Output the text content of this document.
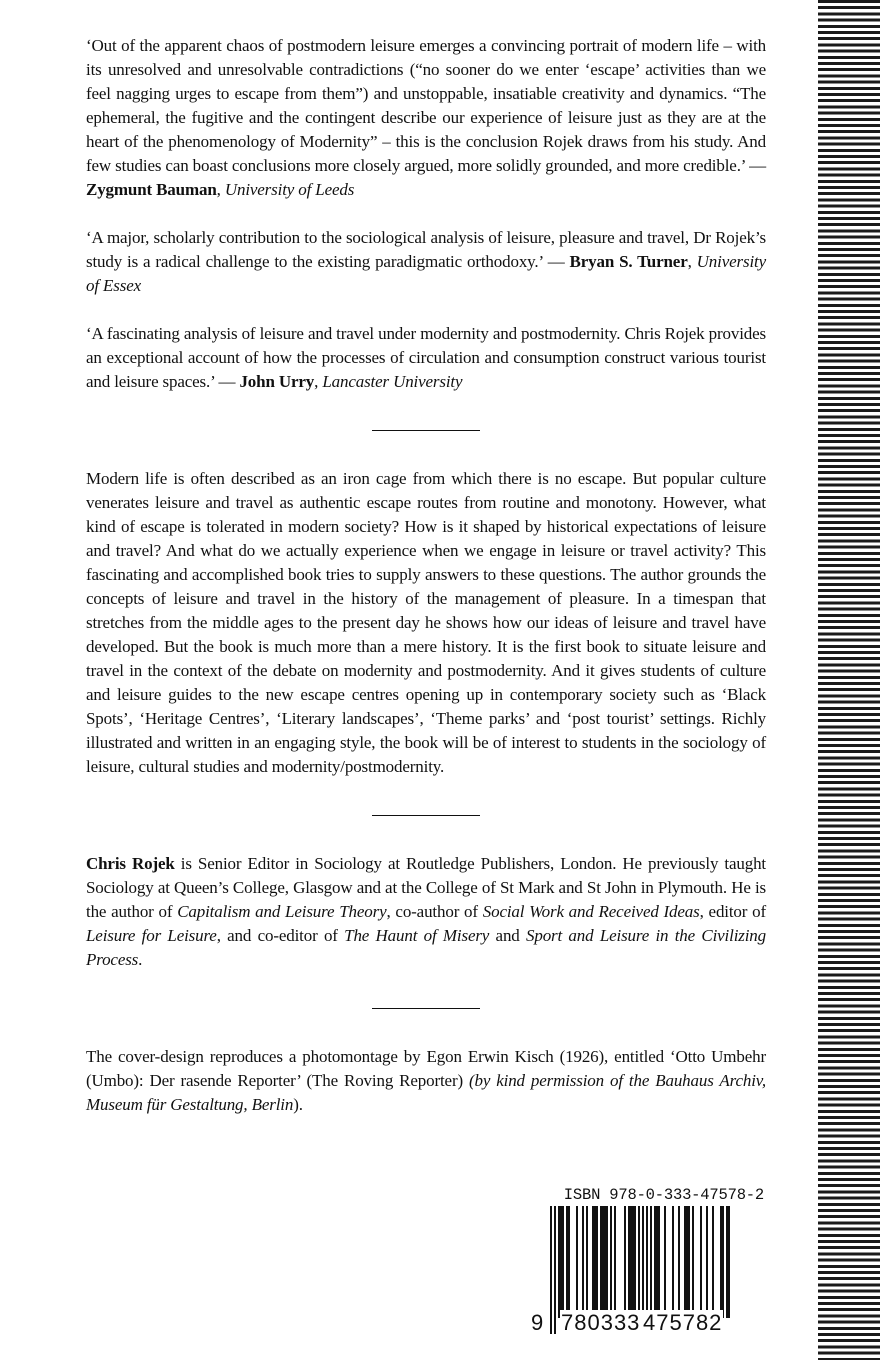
‘Out of the apparent chaos of postmodern leisure emerges a convincing portrait of modern life – with its unresolved and unresolvable contradictions (“no sooner do we enter ‘escape’ activities than we feel nagging urges to escape from them”) and unstoppable, insatiable creativity and dynamics. “The ephemeral, the fugitive and the contingent describe our experience of leisure just as they are at the heart of the phenomenology of Modernity” – this is the conclusion Rojek draws from his study. And few studies can boast conclusions more closely argued, more solidly grounded, and more credible.’ — Zygmunt Bauman, University of Leeds

‘A major, scholarly contribution to the sociological analysis of leisure, pleasure and travel, Dr Rojek’s study is a radical challenge to the existing paradigmatic orthodoxy.’ — Bryan S. Turner, University of Essex

‘A fascinating analysis of leisure and travel under modernity and postmodernity. Chris Rojek provides an exceptional account of how the processes of circulation and consumption construct various tourist and leisure spaces.’ — John Urry, Lancaster University

Modern life is often described as an iron cage from which there is no escape. But popular culture venerates leisure and travel as authentic escape routes from routine and monotony. However, what kind of escape is tolerated in modern society? How is it shaped by historical expectations of leisure and travel? And what do we actually experience when we engage in leisure or travel activity? This fascinating and accomplished book tries to supply answers to these questions. The author grounds the concepts of leisure and travel in the history of the management of pleasure. In a timespan that stretches from the middle ages to the present day he shows how our ideas of leisure and travel have developed. But the book is much more than a mere history. It is the first book to situate leisure and travel in the context of the debate on modernity and postmodernity. And it gives students of culture and leisure guides to the new escape centres opening up in contemporary society such as ‘Black Spots’, ‘Heritage Centres’, ‘Literary landscapes’, ‘Theme parks’ and ‘post tourist’ settings. Richly illustrated and written in an engaging style, the book will be of interest to students in the sociology of leisure, cultural studies and modernity/postmodernity.

Chris Rojek is Senior Editor in Sociology at Routledge Publishers, London. He previously taught Sociology at Queen’s College, Glasgow and at the College of St Mark and St John in Plymouth. He is the author of Capitalism and Leisure Theory, co-author of Social Work and Received Ideas, editor of Leisure for Leisure, and co-editor of The Haunt of Misery and Sport and Leisure in the Civilizing Process.

The cover-design reproduces a photomontage by Egon Erwin Kisch (1926), entitled ‘Otto Umbehr (Umbo): Der rasende Reporter’ (The Roving Reporter) (by kind permission of the Bauhaus Archiv, Museum für Gestaltung, Berlin).

ISBN 978-0-333-47578-2
9 780333 475782
